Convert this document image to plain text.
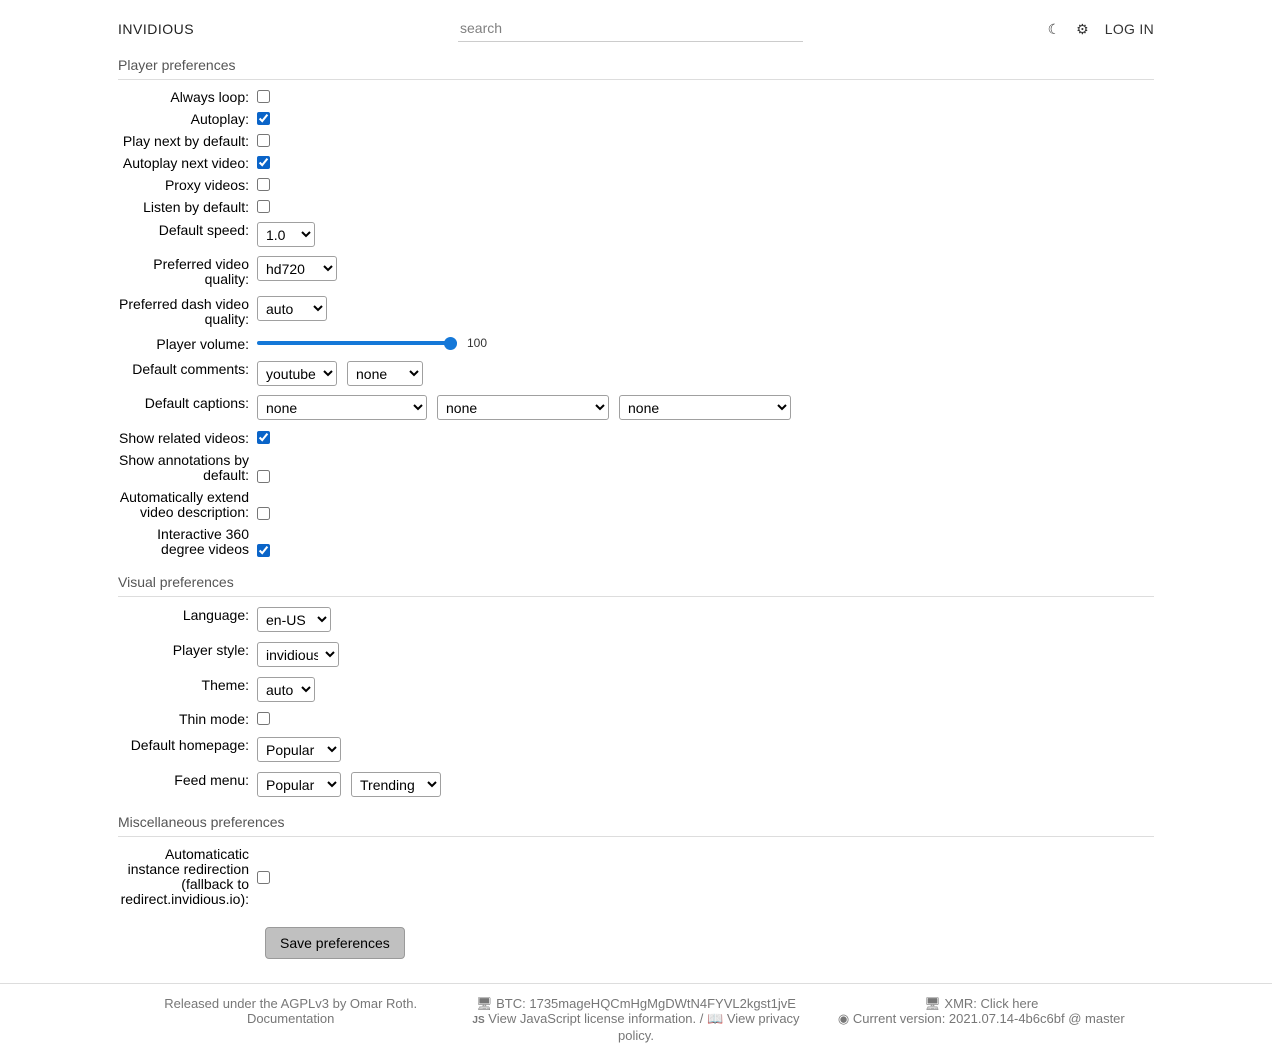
INVIDIOUS
search	☾ ⚙ LOG IN
Player preferences
Always loop:
Autoplay:
Play next by default:
Autoplay next video:
Proxy videos:
Listen by default:
Default speed:
1.0
Preferred video quality:
hd720
Preferred dash video quality:
auto
Player volume:	100
Default comments:
youtube
none
Default captions:
none
none
none
Show related videos:
Show annotations by default:
Automatically extend video description:
Interactive 360 degree videos
Visual preferences
Language:
en-US
Player style:
invidious
Theme:
auto
Thin mode:
Default homepage:
Popular
Feed menu:
Popular
Trending
Miscellaneous preferences
Automaticatic instance redirection (fallback to redirect.invidious.io):
Save preferences
Released under the AGPLv3 by Omar Roth.
Documentation
🖥 BTC: 1735mageHQCmHgMgDWtN4FYVL2kgst1jvE
JS View JavaScript license information. / 📖 View privacy policy.
🖥 XMR: Click here
◉ Current version: 2021.07.14-4b6c6bf @ master
